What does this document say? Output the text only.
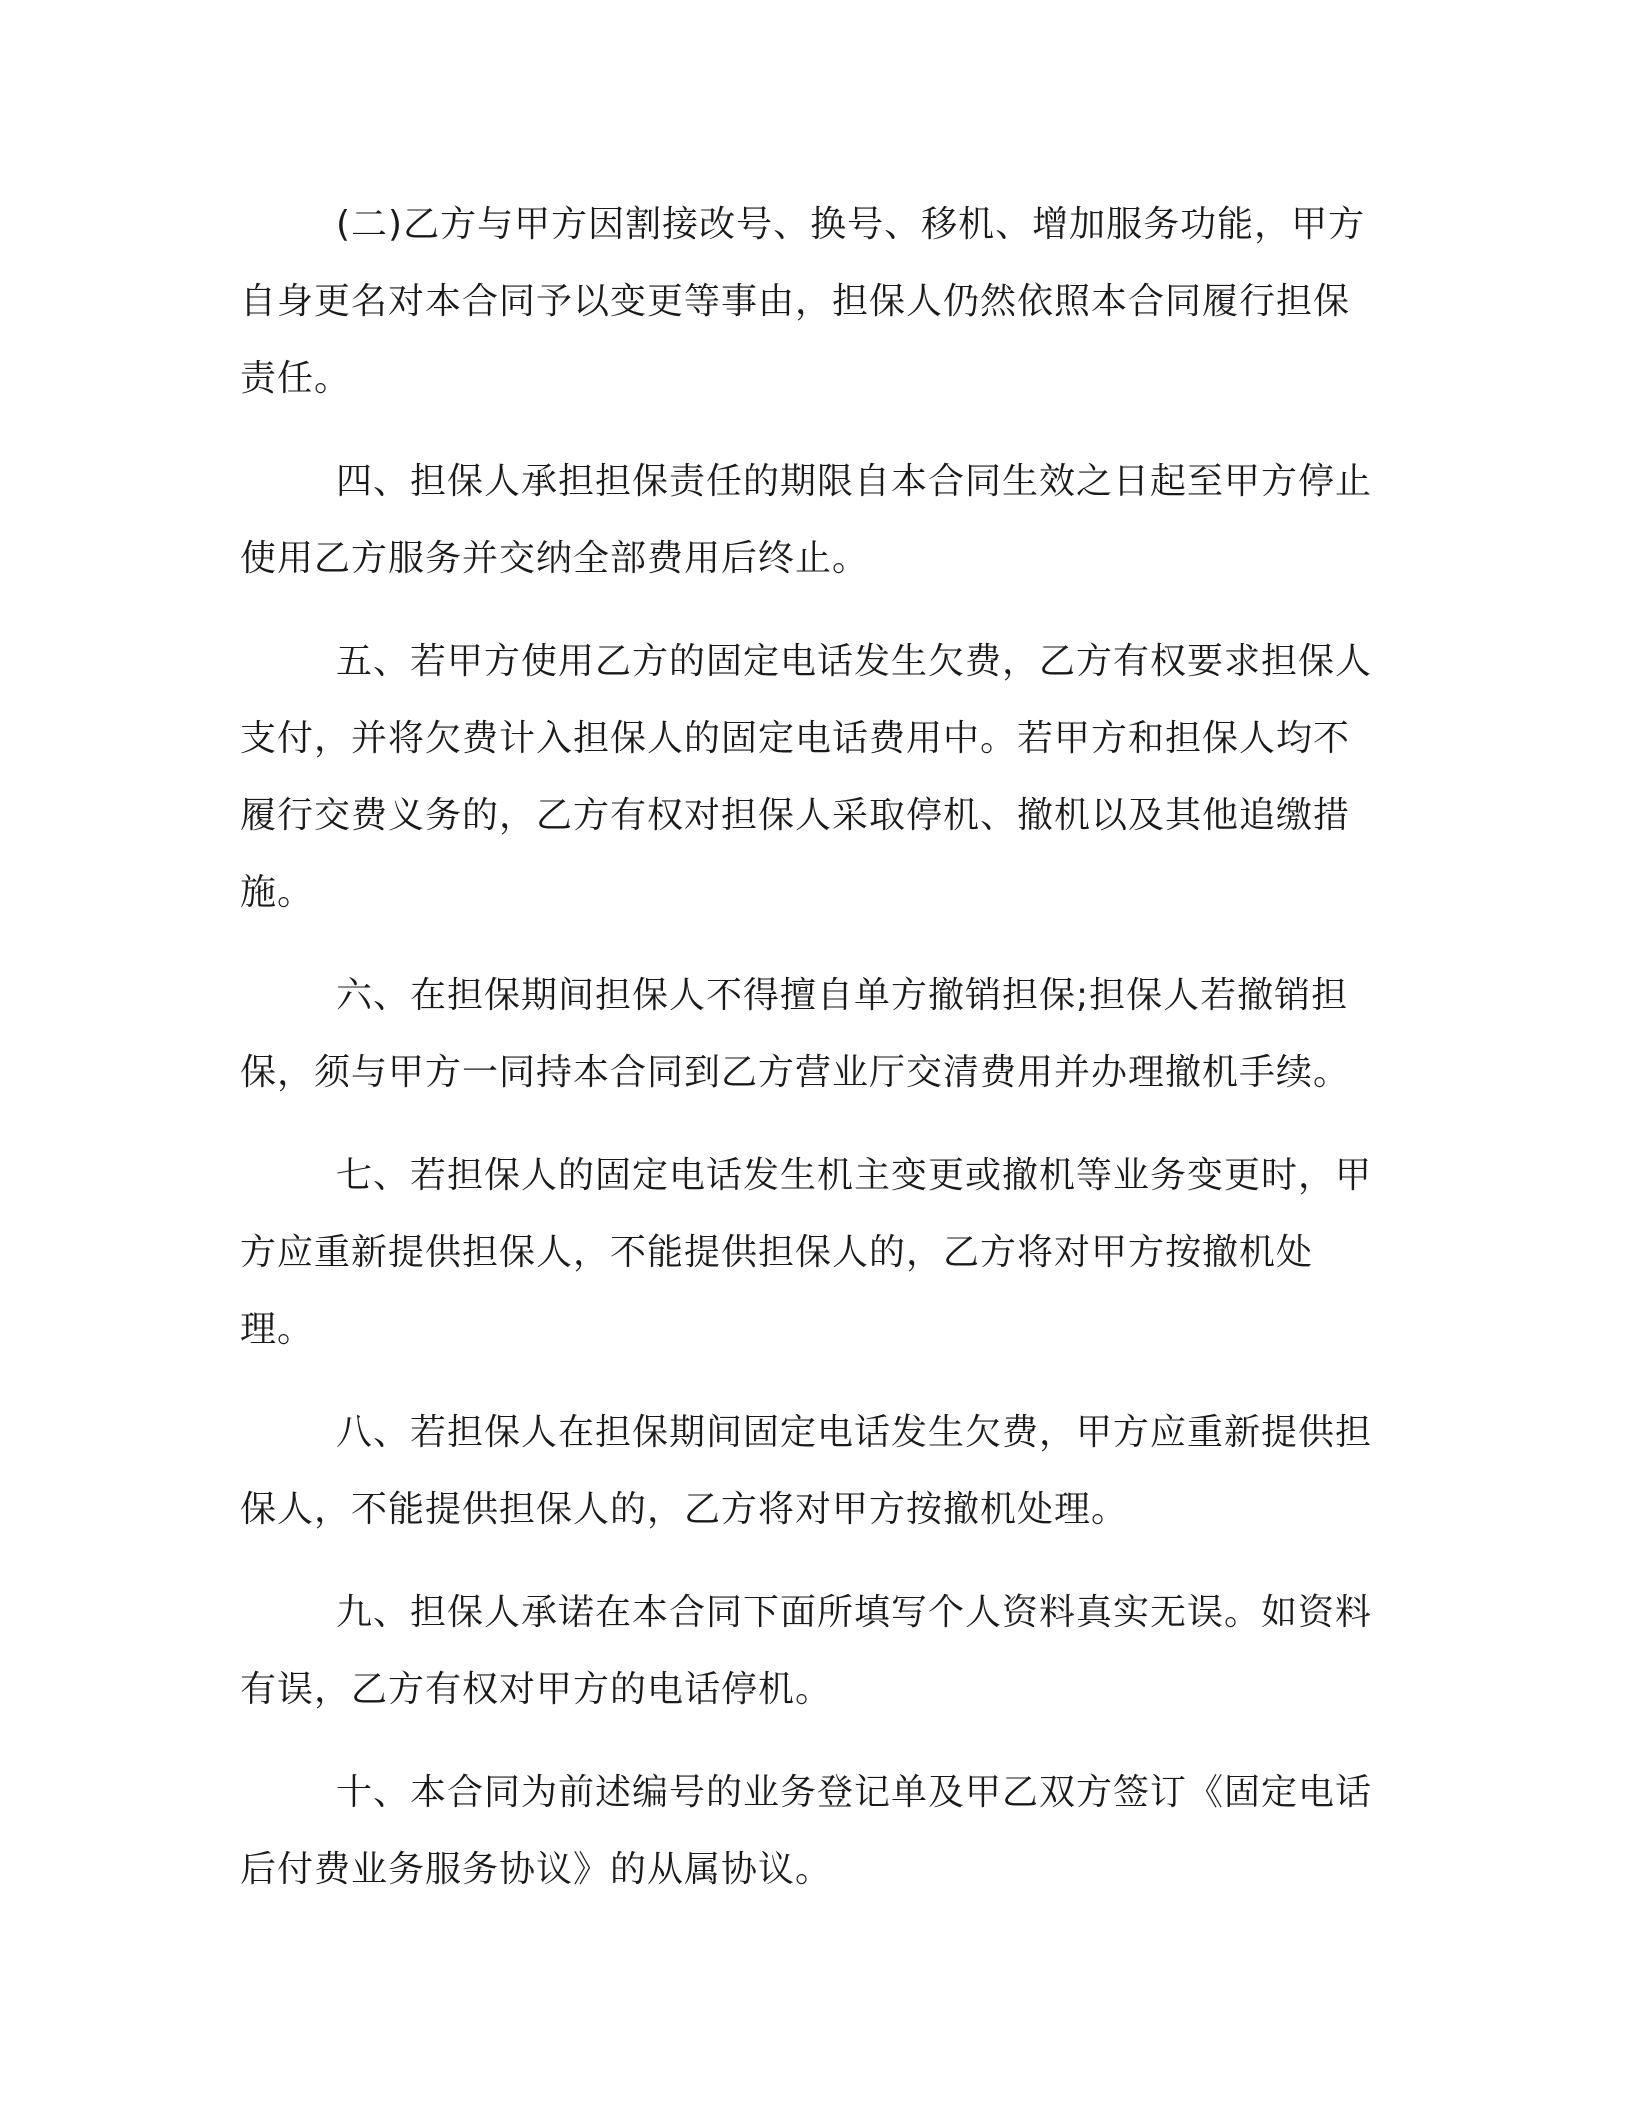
(二)乙方与甲方因割接改号、换号、移机、增加服务功能，甲方自身更名对本合同予以变更等事由，担保人仍然依照本合同履行担保责任。

四、担保人承担担保责任的期限自本合同生效之日起至甲方停止使用乙方服务并交纳全部费用后终止。

五、若甲方使用乙方的固定电话发生欠费，乙方有权要求担保人支付，并将欠费计入担保人的固定电话费用中。若甲方和担保人均不履行交费义务的，乙方有权对担保人采取停机、撤机以及其他追缴措施。

六、在担保期间担保人不得擅自单方撤销担保;担保人若撤销担保，须与甲方一同持本合同到乙方营业厅交清费用并办理撤机手续。

七、若担保人的固定电话发生机主变更或撤机等业务变更时，甲方应重新提供担保人，不能提供担保人的，乙方将对甲方按撤机处理。

八、若担保人在担保期间固定电话发生欠费，甲方应重新提供担保人，不能提供担保人的，乙方将对甲方按撤机处理。

九、担保人承诺在本合同下面所填写个人资料真实无误。如资料有误，乙方有权对甲方的电话停机。

十、本合同为前述编号的业务登记单及甲乙双方签订《固定电话后付费业务服务协议》的从属协议。
